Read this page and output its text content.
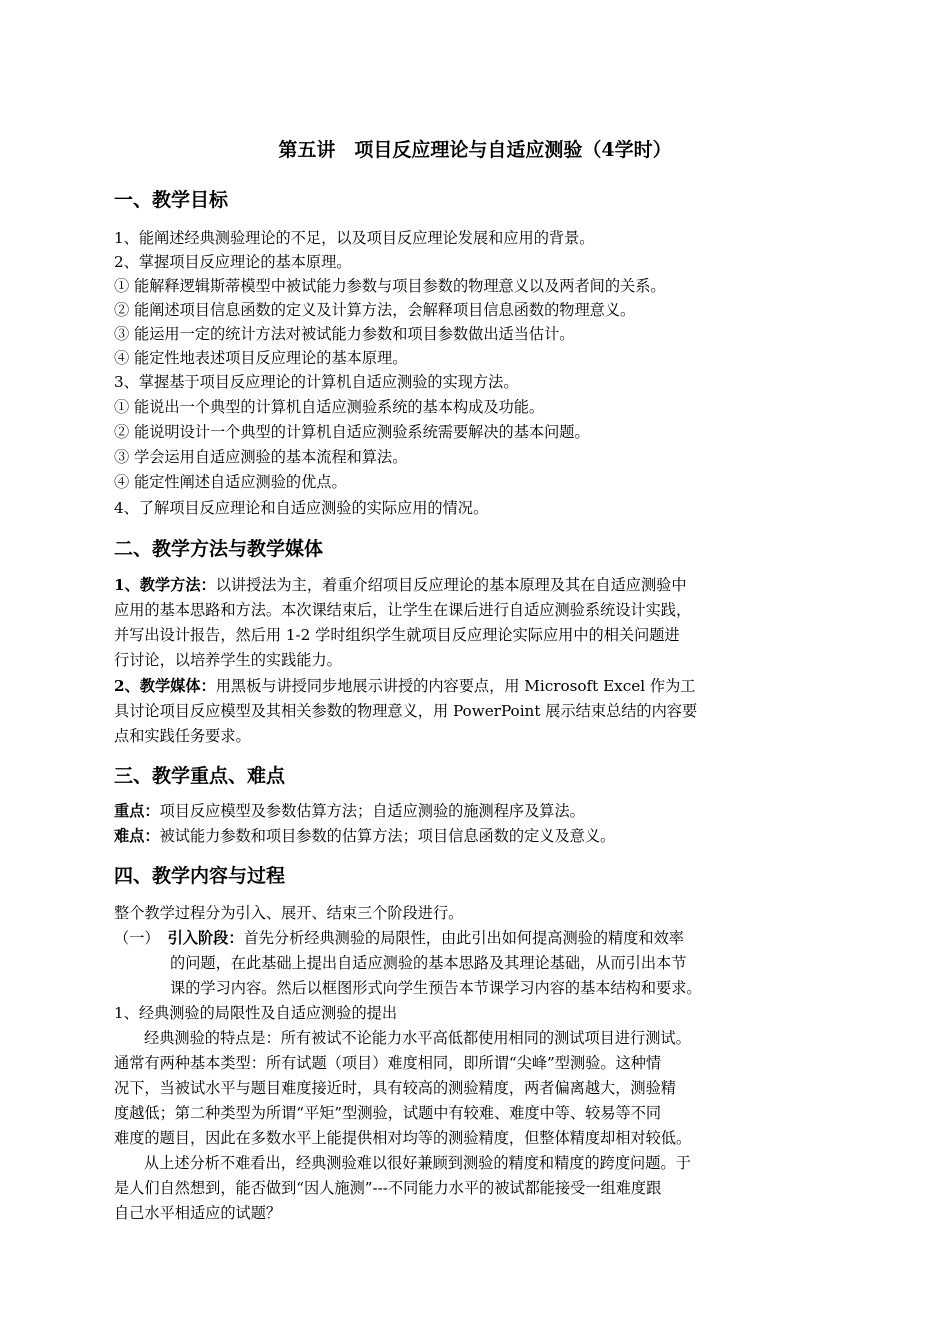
第五讲　项目反应理论与自适应测验（4学时）
一、教学目标
1、能阐述经典测验理论的不足，以及项目反应理论发展和应用的背景。
2、掌握项目反应理论的基本原理。
① 能解释逻辑斯蒂模型中被试能力参数与项目参数的物理意义以及两者间的关系。
② 能阐述项目信息函数的定义及计算方法，会解释项目信息函数的物理意义。
③ 能运用一定的统计方法对被试能力参数和项目参数做出适当估计。
④ 能定性地表述项目反应理论的基本原理。
3、掌握基于项目反应理论的计算机自适应测验的实现方法。
① 能说出一个典型的计算机自适应测验系统的基本构成及功能。
② 能说明设计一个典型的计算机自适应测验系统需要解决的基本问题。
③ 学会运用自适应测验的基本流程和算法。
④ 能定性阐述自适应测验的优点。
4、了解项目反应理论和自适应测验的实际应用的情况。
二、教学方法与教学媒体
1、教学方法：以讲授法为主，着重介绍项目反应理论的基本原理及其在自适应测验中
应用的基本思路和方法。本次课结束后，让学生在课后进行自适应测验系统设计实践，
并写出设计报告，然后用 1-2 学时组织学生就项目反应理论实际应用中的相关问题进
行讨论，以培养学生的实践能力。
2、教学媒体：用黑板与讲授同步地展示讲授的内容要点，用 Microsoft Excel 作为工
具讨论项目反应模型及其相关参数的物理意义，用 PowerPoint 展示结束总结的内容要
点和实践任务要求。
三、教学重点、难点
重点：项目反应模型及参数估算方法；自适应测验的施测程序及算法。
难点：被试能力参数和项目参数的估算方法；项目信息函数的定义及意义。
四、教学内容与过程
整个教学过程分为引入、展开、结束三个阶段进行。
（一） 引入阶段：首先分析经典测验的局限性，由此引出如何提高测验的精度和效率
的问题，在此基础上提出自适应测验的基本思路及其理论基础，从而引出本节
课的学习内容。然后以框图形式向学生预告本节课学习内容的基本结构和要求。
1、经典测验的局限性及自适应测验的提出
经典测验的特点是：所有被试不论能力水平高低都使用相同的测试项目进行测试。
通常有两种基本类型：所有试题（项目）难度相同，即所谓“尖峰”型测验。这种情
况下，当被试水平与题目难度接近时，具有较高的测验精度，两者偏离越大，测验精
度越低；第二种类型为所谓“平矩”型测验，试题中有较难、难度中等、较易等不同
难度的题目，因此在多数水平上能提供相对均等的测验精度，但整体精度却相对较低。
从上述分析不难看出，经典测验难以很好兼顾到测验的精度和精度的跨度问题。于
是人们自然想到，能否做到“因人施测”---不同能力水平的被试都能接受一组难度跟
自己水平相适应的试题？
